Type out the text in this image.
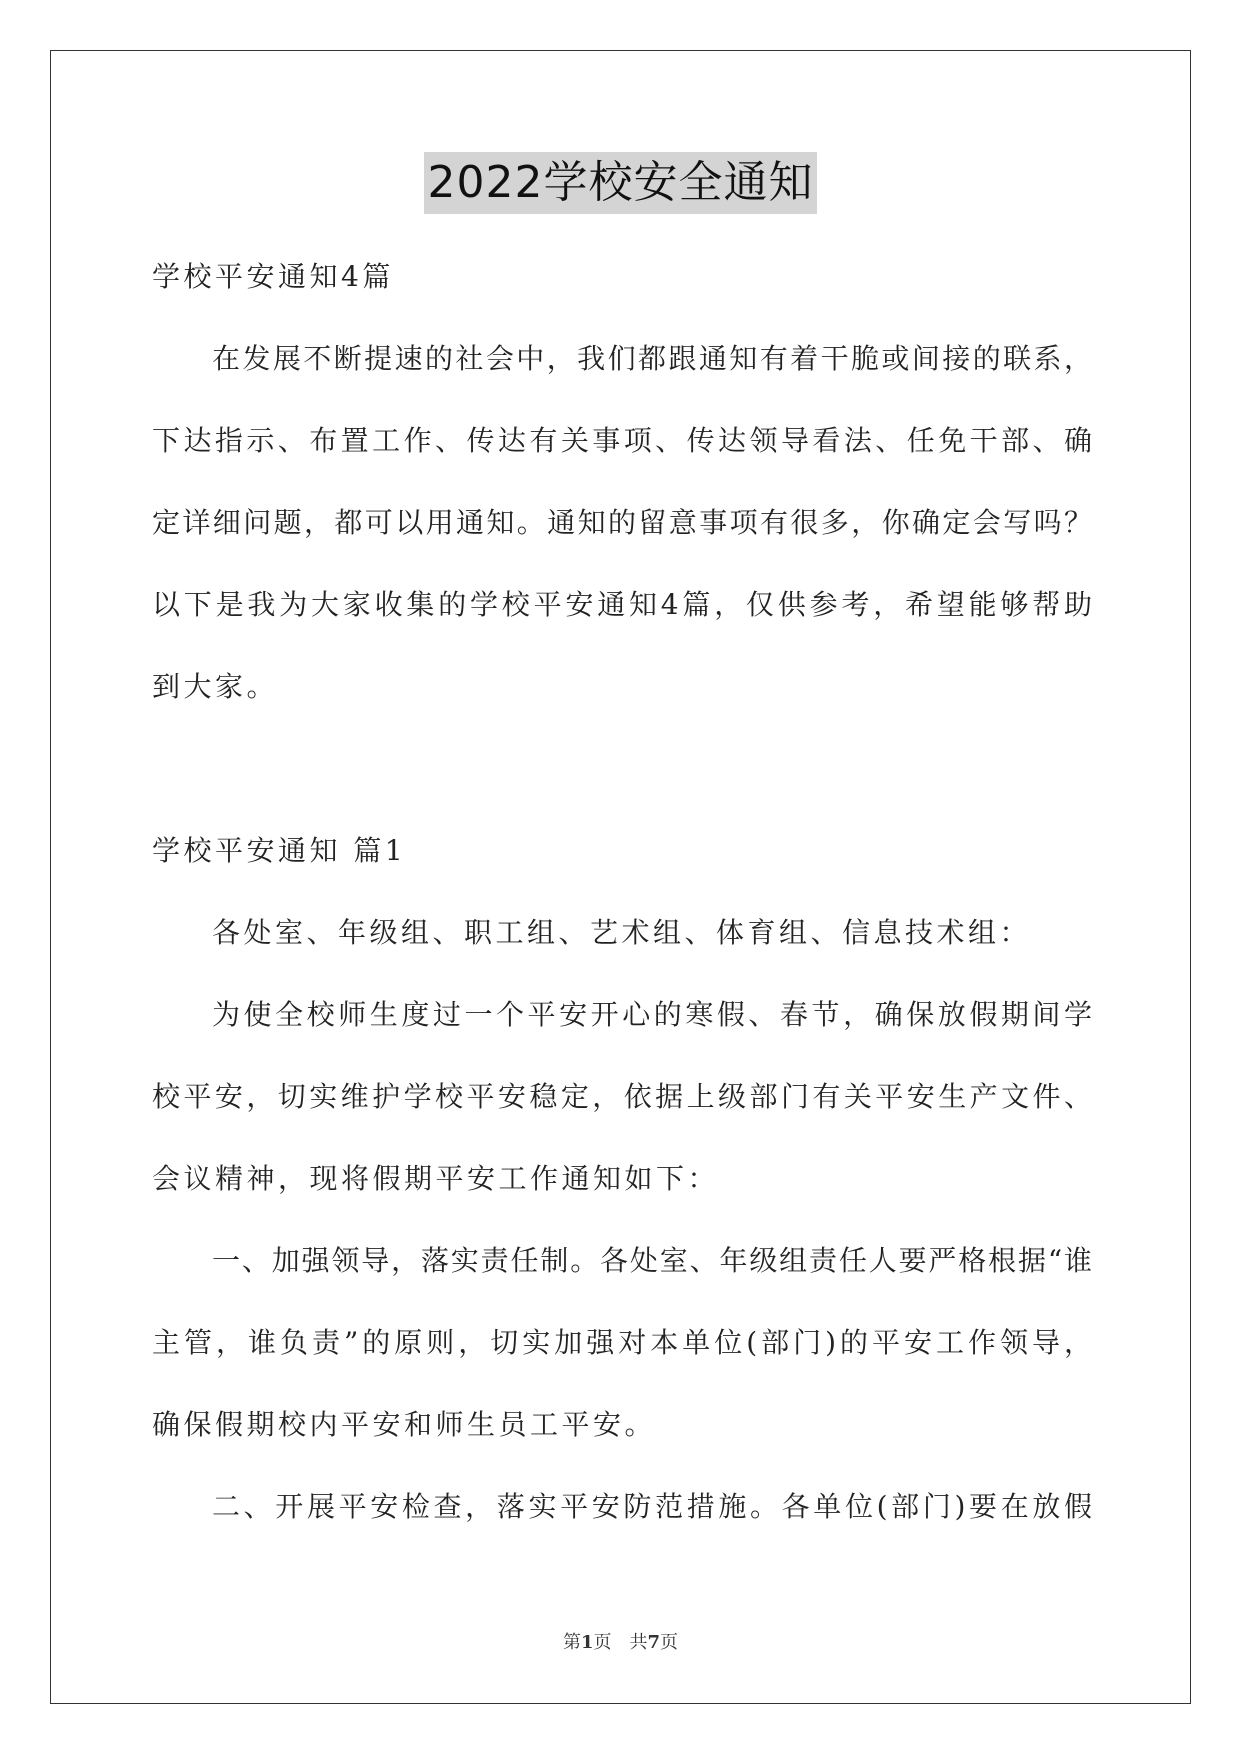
2022学校安全通知
学校平安通知4篇
在发展不断提速的社会中，我们都跟通知有着干脆或间接的联系，
下达指示、布置工作、传达有关事项、传达领导看法、任免干部、确
定详细问题，都可以用通知。通知的留意事项有很多，你确定会写吗？
以下是我为大家收集的学校平安通知4篇，仅供参考，希望能够帮助
到大家。
学校平安通知 篇1
各处室、年级组、职工组、艺术组、体育组、信息技术组：
为使全校师生度过一个平安开心的寒假、春节，确保放假期间学
校平安，切实维护学校平安稳定，依据上级部门有关平安生产文件、
会议精神，现将假期平安工作通知如下：
一、加强领导，落实责任制。各处室、年级组责任人要严格根据“谁
主管，谁负责”的原则，切实加强对本单位(部门)的平安工作领导，
确保假期校内平安和师生员工平安。
二、开展平安检查，落实平安防范措施。各单位(部门)要在放假
第1页　共7页
